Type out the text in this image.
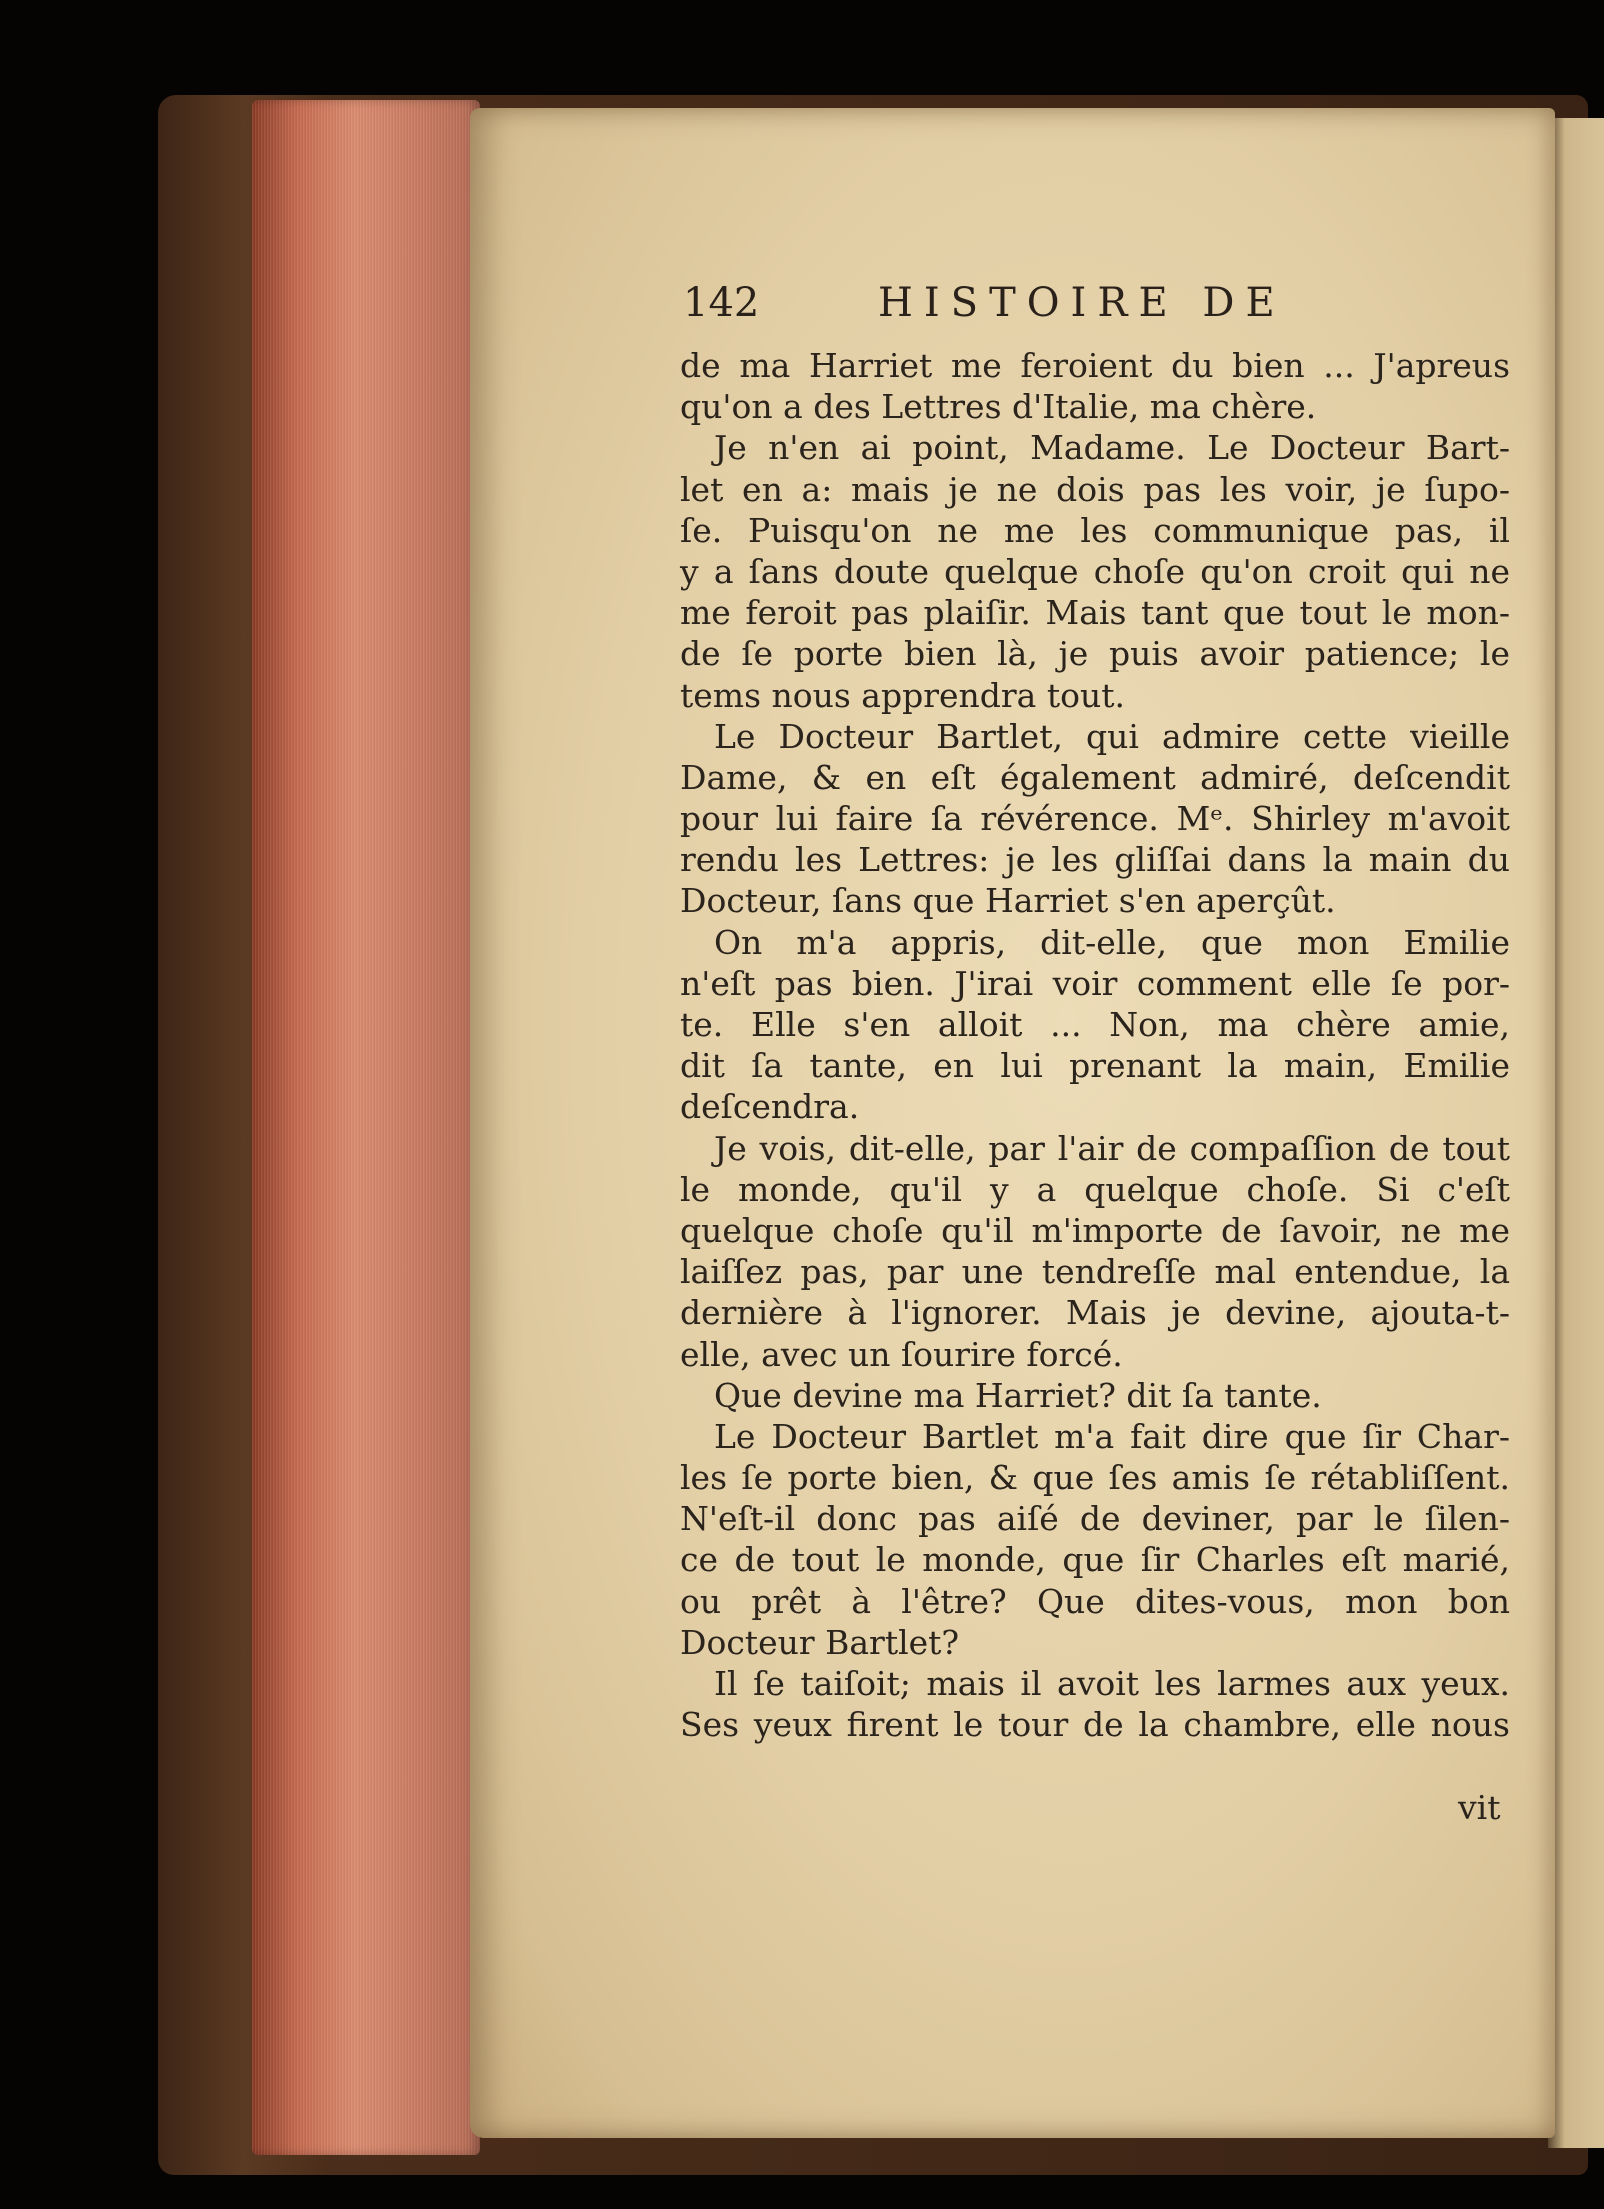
142	HISTOIRE DE
de ma Harriet me feroient du bien ... J'apreus
qu'on a des Lettres d'Italie, ma chère.
Je n'en ai point, Madame. Le Docteur Bart-
let en a: mais je ne dois pas les voir, je ſupo-
ſe. Puisqu'on ne me les communique pas, il
y a ſans doute quelque choſe qu'on croit qui ne
me feroit pas plaiſir. Mais tant que tout le mon-
de ſe porte bien là, je puis avoir patience; le
tems nous apprendra tout.
Le Docteur Bartlet, qui admire cette vieille
Dame, & en eſt également admiré, deſcendit
pour lui faire ſa révérence. Mᵉ. Shirley m'avoit
rendu les Lettres: je les gliſſai dans la main du
Docteur, ſans que Harriet s'en aperçût.
On m'a appris, dit-elle, que mon Emilie
n'eſt pas bien. J'irai voir comment elle ſe por-
te. Elle s'en alloit ... Non, ma chère amie,
dit ſa tante, en lui prenant la main, Emilie
deſcendra.
Je vois, dit-elle, par l'air de compaſſion de tout
le monde, qu'il y a quelque choſe. Si c'eſt
quelque choſe qu'il m'importe de ſavoir, ne me
laiſſez pas, par une tendreſſe mal entendue, la
dernière à l'ignorer. Mais je devine, ajouta-t-
elle, avec un ſourire forcé.
Que devine ma Harriet? dit ſa tante.
Le Docteur Bartlet m'a fait dire que ſir Char-
les ſe porte bien, & que ſes amis ſe rétabliſſent.
N'eſt-il donc pas aiſé de deviner, par le ſilen-
ce de tout le monde, que ſir Charles eſt marié,
ou prêt à l'être? Que dites-vous, mon bon
Docteur Bartlet?
Il ſe taiſoit; mais il avoit les larmes aux yeux.
Ses yeux firent le tour de la chambre, elle nous
vit
